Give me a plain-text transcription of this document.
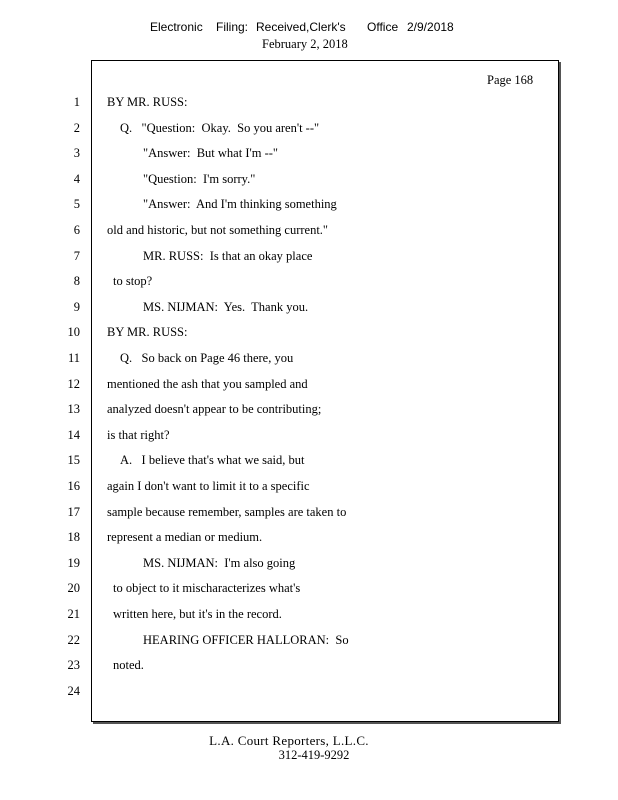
Electronic Filing: Received,Clerk's Office 2/9/2018
February 2, 2018
Page 168
1 BY MR. RUSS:
2	Q.   "Question:  Okay.  So you aren't --"
3	"Answer:  But what I'm --"
4	"Question:  I'm sorry."
5	"Answer:  And I'm thinking something
6 old and historic, but not something current."
7	MR. RUSS:  Is that an okay place
8	to stop?
9	MS. NIJMAN:  Yes.  Thank you.
10 BY MR. RUSS:
11	Q.   So back on Page 46 there, you
12 mentioned the ash that you sampled and
13 analyzed doesn't appear to be contributing;
14 is that right?
15	A.   I believe that's what we said, but
16 again I don't want to limit it to a specific
17 sample because remember, samples are taken to
18 represent a median or medium.
19	MS. NIJMAN:  I'm also going
20	to object to it mischaracterizes what's
21	written here, but it's in the record.
22	HEARING OFFICER HALLORAN:  So
23	noted.
24
L.A. Court Reporters, L.L.C.
312-419-9292
